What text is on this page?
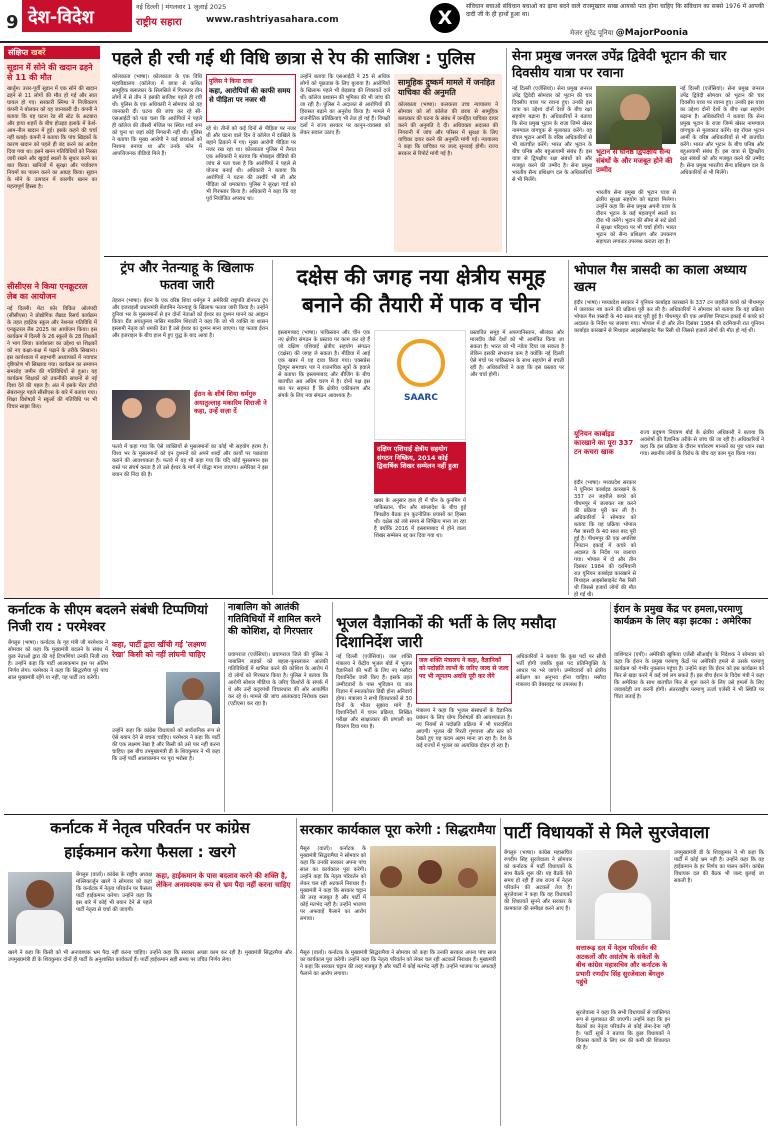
9 देश-विदेश	नई दिल्ली | मंगलवार 1 जुलाई 2025
राष्ट्रीय सहारा	www.rashtriyasahara.com	X
संविधान बचाओ संविधान बचाओ का ढ़ाना बदने वाले राजमुख्तार साख आयको पता होना चाहिए कि संविधान का सबसे 1976 में आपकी दादी जी के ही हाथों हुआ था।
मेजर सुरेंद्र पूनिया @MajorPoonia
संक्षिप्त खबरें
सूडान में सोने की खदान ढहने से 11 की मौत
खार्तूम। उत्तर-पूर्वी सूडान में एक सोने की खदान ढहने से 11 लोगों की मौत हो गई और सात घायल हो गए। सरकारी स्निग्ध ने निजीकरण कंपनी ने बोलकर को यह जानकारी दी। कंपनी ने बताया कि यह घटना रेड सी स्टेट के अटबारा और हाया शहरों के बीच होउइड इलाके में केर्श-आम-नील खदान में हुई। इसके कहने की चर्चा नहीं बताई। कंपनी ने बताया कि पांच खिड़कों के कारण खदान को पहले ही बंद करने का आदेश दिया गया था। इसने खनन गतिविधियों को निरस्त जारी रखने और खुदाई स्थलों के सुधार करने का बात किया। खनिजों में सुरक्षा और पर्यावरण नियमों का पालन करने का आग्रह किया। सूडान के मोने के उत्पादन में कारगीर खनन का महत्वपूर्ण हिस्सा है।
सीसीएस ने किया एनक्रूटरल लेब का आयोजन
नई दिल्ली। मेटा फ़ोर विकित ओलंपदी (सीसीएस) ने प्रोद्योगिक लैब्राड रिसर्च कार्यक्रम के तहत हाईटेक स्कूल और नेशनल गतिविधि में एनक्रूटरल लैब 2025 का आयोजन किया। इस कार्यक्रम में दिल्ली के 26 स्कूलों के 28 शिक्षकों ने भाग लिया। कार्यशाला का उद्देश्य था शिक्षकों को नए कक्षा-कक्ष में पढ़ाने के तरीके सिखाना। इस कार्यशाला में सहभागी अध्यापकों में नवाचार दृष्टिकोण भी सिखाया गया। कार्यक्रम का समापन समारोह जमीन की गतिविधियों से हुआ। यह कार्यक्रम शिक्षकों को तकनीकी साधनों से नई दिशा देने की पहल है। अंत में इसके मेंटर टॉयो सेबरानपुर पहले सीसीएस के बारे में बताया गया। शिक्षा विशेषज्ञों ने स्कूलों की गतिविधि पर भी विचार साझा किए।
पहले ही रची गई थी विधि छात्रा से रेप की साजिश : पुलिस
कोलकाता (भाषा)। कोलकाता के एक विधि महाविद्यालय (कॉलेज) में छात्रा से कथित सामूहिक बलात्कार के सिलसिले में गिरफ्तार तीन लोगों में से तीन ने इसकी साजिश पहले ही रची थी। पुलिस के एक अधिकारी ने सोमवार को यह जानकारी दी। घटना की जांच कर रहे सी-एसआईटी को पता चला कि आरोपियों ने पहले ही कॉलेज की तीसरी मंजिल पर स्थित गार्ड रूम को चुना था जहां कोई निगरानी नहीं थी। पुलिस ने बताया कि मुख्य आरोपी ने कई छात्राओं को निशाना बनाया था और उनके फोन में आपत्तिजनक वीडियो मिले हैं।
पुलिस ने किया दावा
कहा, आरोपियों की काफी समय से पीड़िता पर नजर थी
रहे थे। तीनों को कई दिनों से पीड़िता पर नजर थी और घटना वाले दिन वे कॉलेज में दाखिले के बहाने ठिकाने में गए। मुख्य आरोपी पीड़िता पर नजर रख रहा था। कोलकाता पुलिस में तैनात एक अधिकारी ने बताया कि मोबाइल वीडियो की जांच से पता चला है कि आरोपियों ने पहले से योजना बनाई थी। अधिकारी ने बताया कि आरोपियों ने घटना की तस्वीरें भी ली और पीड़िता को धमकाया। पुलिस ने सुरक्षा गार्ड को भी गिरफ्तार किया है। अधिकारी ने कहा कि यह पूर्व नियोजित अपराध था।
उन्होंने बताया कि एसआईटी ने 25 से अधिक लोगों को पूछताछ के लिए बुलाया है। आरोपियों के खिलाफ पहले भी छेड़छाड़ की शिकायतें दर्ज थीं। कॉलेज प्रशासन की भूमिका की भी जांच की जा रही है। पुलिस ने अदालत से आरोपियों की हिरासत बढ़ाने का अनुरोध किया है। मामले में राजनीतिक प्रतिक्रियाएं भी तेज हो गई हैं। विपक्षी दलों ने राज्य सरकार पर कानून-व्यवस्था को लेकर सवाल उठाए हैं।
सामूहिक दुष्कर्म मामले में जनहित याचिका की अनुमति
कोलकाता (भाषा)। कलकत्ता उच्च न्यायालय ने सोमवार को लॉ कॉलेज की छात्रा से सामूहिक बलात्कार की घटना के संबंध में जनहित याचिका दायर करने की अनुमति दे दी। अधिवक्ता अदालत की निगरानी में जांच और परिसर में सुरक्षा के लिए याचिका दायर करने की अनुमति मांगी गई। न्यायालय ने कहा कि याचिका पर जल्द सुनवाई होगी। राज्य सरकार से रिपोर्ट मांगी गई है।
सेना प्रमुख जनरल उपेंद्र द्विवेदी भूटान की चार दिवसीय यात्रा पर रवाना
नई दिल्ली (एजेंसियां)। सेना प्रमुख जनरल उपेंद्र द्विवेदी सोमवार को भूटान की चार दिवसीय यात्रा पर रवाना हुए। उनकी इस यात्रा का उद्देश्य दोनों देशों के बीच रक्षा सहयोग बढ़ाना है। अधिकारियों ने बताया कि सेना प्रमुख भूटान के राजा जिग्मे खेसर नामग्याल वांगचुक से मुलाकात करेंगे। वह रॉयल भूटान आर्मी के वरिष्ठ अधिकारियों से भी बातचीत करेंगे। भारत और भूटान के बीच घनिष्ठ और बहुआयामी संबंध हैं। इस यात्रा से द्विपक्षीय रक्षा संबंधों को और मजबूत करने की उम्मीद है। सेना प्रमुख भारतीय सैन्य प्रशिक्षण दल के अधिकारियों से भी मिलेंगे।
भूटान से घनिष्ठ द्विपक्षीय सैन्य संबंधों के और मजबूत होने की उम्मीद
भारतीय सेना प्रमुख की भूटान यात्रा से क्षेत्रीय सुरक्षा सहयोग को बढ़ावा मिलेगा। उन्होंने कहा कि सेना प्रमुख अपनी यात्रा के दौरान भूटान के कई महत्वपूर्ण स्थलों का दौरा भी करेंगे। भूटान की सीमा से सटे क्षेत्रों में सुरक्षा परिदृश्य पर भी चर्चा होगी। भारत भूटान को सैन्य प्रशिक्षण और उपकरण सहायता लगातार उपलब्ध कराता रहा है।
नई दिल्ली (एजेंसियां)। सेना प्रमुख जनरल उपेंद्र द्विवेदी सोमवार को भूटान की चार दिवसीय यात्रा पर रवाना हुए। उनकी इस यात्रा का उद्देश्य दोनों देशों के बीच रक्षा सहयोग बढ़ाना है। अधिकारियों ने बताया कि सेना प्रमुख भूटान के राजा जिग्मे खेसर नामग्याल वांगचुक से मुलाकात करेंगे। वह रॉयल भूटान आर्मी के वरिष्ठ अधिकारियों से भी बातचीत करेंगे। भारत और भूटान के बीच घनिष्ठ और बहुआयामी संबंध हैं। इस यात्रा से द्विपक्षीय रक्षा संबंधों को और मजबूत करने की उम्मीद है। सेना प्रमुख भारतीय सैन्य प्रशिक्षण दल के अधिकारियों से भी मिलेंगे।
ट्रंप और नेतन्याहू के खिलाफ फतवा जारी
तेहरान (भाषा)। ईरान के एक वरिष्ठ शिया धर्मगुरु ने अमेरिकी राष्ट्रपति डोनाल्ड ट्रंप और इजराइली प्रधानमंत्री बेंजामिन नेतन्याहू के खिलाफ फतवा जारी किया है। उन्होंने दुनिया भर के मुसलमानों से इन दोनों नेताओं को ईश्वर का दुश्मन मानने का आह्वान किया। ग्रैंड अयातुल्ला नासिर मकरिम शिराजी ने कहा कि जो भी व्यक्ति या शासन इस्लामी नेतृत्व को धमकी देता है उसे ईश्वर का दुश्मन माना जाएगा। यह फतवा ईरान और इजराइल के बीच हाल में हुए युद्ध के बाद आया है।
ईरान के शीर्ष शिया धर्मगुरु अयातुल्लाह मकारिम शिराजी ने कहा, उन्हें सज़ा दें
फतवे में कहा गया कि ऐसे व्यक्तियों से मुसलमानों का कोई भी सहयोग हराम है। विश्व भर के मुसलमानों को इन दुश्मनों को अपने शब्दों और कार्यों पर पछतावा कराने की आवश्यकता है। फतवे में यह भी कहा गया कि यदि कोई मुसलमान इस रास्ते पर संघर्ष करता है तो उसे ईश्वर के मार्ग में योद्धा माना जाएगा। अमेरिका ने इस बयान की निंदा की है।
दक्षेस की जगह नया क्षेत्रीय समूह
बनाने की तैयारी में पाक व चीन
इस्लामाबाद (भाषा)। पाकिस्तान और चीन एक नए क्षेत्रीय संगठन के प्रस्ताव पर काम कर रहे हैं जो दक्षिण एशियाई क्षेत्रीय सहयोग संगठन (दक्षेस) की जगह ले सकता है। मीडिया में आई एक खबर में यह दावा किया गया। एक्सप्रेस ट्रिब्यून समाचार पत्र ने राजनयिक सूत्रों के हवाले से बताया कि इस्लामाबाद और बीजिंग के बीच बातचीत अब अग्रिम चरण में है। दोनों पक्ष इस बात पर सहमत हैं कि क्षेत्रीय एकीकरण और संपर्क के लिए नया संगठन आवश्यक है।	SAARC
दक्षिण एशियाई क्षेत्रीय सहयोग संगठन निष्क्रिय, 2014 कोई द्विवार्षिक शिखर सम्मेलन नहीं हुआ
खबर के अनुसार हाल ही में चीन के कुनमिंग में पाकिस्तान, चीन और बांग्लादेश के बीच हुई त्रिपक्षीय बैठक इन कूटनीतिक प्रयासों का हिस्सा थी। दक्षेस को लंबे समय से निष्क्रिय माना जा रहा है क्योंकि 2016 में इस्लामाबाद में होने वाला शिखर सम्मेलन रद्द कर दिया गया था।
प्रस्तावित समूह में अफगानिस्तान, श्रीलंका और मालदीव जैसे देशों को भी आमंत्रित किया जा सकता है। भारत को भी न्योता दिया जा सकता है लेकिन इसकी संभावना कम है क्योंकि नई दिल्ली ऐसे मंचों पर पाकिस्तान के साथ सहयोग से बचती रही है। अधिकारियों ने कहा कि इस प्रस्ताव पर और चर्चा होगी।
भोपाल गैस त्रासदी का काला अध्याय खत्म
इंदौर (भाषा)। मध्यप्रदेश सरकार ने यूनियन कार्बाइड कारखाने के 337 टन जहरीले कचरे को पीथमपुर में जलाकर नष्ट करने की प्रक्रिया पूरी कर ली है। अधिकारियों ने सोमवार को बताया कि यह प्रक्रिया भोपाल गैस त्रासदी के 40 साल बाद पूरी हुई है। पीथमपुर की एक अपशिष्ट निपटान इकाई में कचरे को अदालत के निर्देश पर जलाया गया। भोपाल में दो और तीन दिसंबर 1984 की दरमियानी रात यूनियन कार्बाइड कारखाने से मिथाइल आइसोसाइनेट गैस रिसी थी जिससे हजारों लोगों की मौत हो गई थी।
यूनियन कार्बाइड कारखाने का पूरा 337 टन कचरा खाक
राज्य प्रदूषण नियंत्रण बोर्ड के क्षेत्रीय अधिकारी ने बताया कि अवशेषों की वैज्ञानिक तरीके से जांच की जा रही है। अधिकारियों ने कहा कि इस प्रक्रिया के दौरान पर्यावरण मानकों का पूरा ध्यान रखा गया। स्थानीय लोगों के विरोध के बीच यह काम पूरा किया गया।
इंदौर (भाषा)। मध्यप्रदेश सरकार ने यूनियन कार्बाइड कारखाने के 337 टन जहरीले कचरे को पीथमपुर में जलाकर नष्ट करने की प्रक्रिया पूरी कर ली है। अधिकारियों ने सोमवार को बताया कि यह प्रक्रिया भोपाल गैस त्रासदी के 40 साल बाद पूरी हुई है। पीथमपुर की एक अपशिष्ट निपटान इकाई में कचरे को अदालत के निर्देश पर जलाया गया। भोपाल में दो और तीन दिसंबर 1984 की दरमियानी रात यूनियन कार्बाइड कारखाने से मिथाइल आइसोसाइनेट गैस रिसी थी जिससे हजारों लोगों की मौत हो गई थी।
कर्नाटक के सीएम बदलने संबंधी टिप्पणियां निजी राय : परमेश्वर
बेंगलुरु (भाषा)। कर्नाटक के गृह मंत्री जी परमेश्वर ने सोमवार को कहा कि मुख्यमंत्री बदलने के संबंध में कुछ नेताओं द्वारा की गई टिप्पणियां उनकी निजी राय है। उन्होंने कहा कि पार्टी आलाकमान इस पर अंतिम निर्णय लेगा। परमेश्वर ने कहा कि सिद्धरमैया पूरे पांच साल मुख्यमंत्री रहेंगे या नहीं, यह पार्टी तय करेगी।
कहा, पार्टी द्वारा खींची गई 'लक्ष्मण रेखा' किसी को नहीं लांघनी चाहिए
उन्होंने कहा कि कांग्रेस विधायकों को सार्वजनिक रूप से ऐसे बयान देने से बचना चाहिए। परमेश्वर ने कहा कि पार्टी की एक लक्ष्मण रेखा है और किसी को उसे पार नहीं करना चाहिए। इस बीच उपमुख्यमंत्री डी के शिवकुमार ने भी कहा कि उन्हें पार्टी आलाकमान पर पूरा भरोसा है।
नाबालिग को आतंकी गतिविधियों में शामिल करने की कोशिश, दो गिरफ्तार
प्रयागराज (एजेंसियां)। प्रयागराज जिले की पुलिस ने नाबालिग लड़कों को बहला-फुसलाकर आतंकी गतिविधियों में शामिल करने की कोशिश के आरोप में दो लोगों को गिरफ्तार किया है। पुलिस ने बताया कि आरोपी सोशल मीडिया के जरिए किशोरों के संपर्क में थे और उन्हें कट्टरपंथी विचारधारा की ओर आकर्षित कर रहे थे। मामले की जांच आतंकवाद निरोधक दस्ता (एटीएस) कर रहा है।
भूजल वैज्ञानिकों की भर्ती के लिए मसौदा दिशानिर्देश जारी
नई दिल्ली (एजेंसियां)। जल शक्ति मंत्रालय ने केंद्रीय भूजल बोर्ड में भूजल वैज्ञानिकों की भर्ती के लिए नए मसौदा दिशानिर्देश जारी किए हैं। इसके तहत उम्मीदवारों के पास भूविज्ञान या जल विज्ञान में स्नातकोत्तर डिग्री होना अनिवार्य होगा। मंत्रालय ने सभी हितधारकों से 30 दिनों के भीतर सुझाव मांगे हैं। दिशानिर्देशों में चयन प्रक्रिया, लिखित परीक्षा और साक्षात्कार की प्रणाली का विवरण दिया गया है।
जल शक्ति मंत्रालय ने कहा, वैज्ञानिकों को पदोन्नति लाभों के जरिए जल्द से जल्द पद भी न्यूनतम अवधि पूरी कर लेंगे
मंत्रालय ने कहा कि भूजल संसाधनों के वैज्ञानिक प्रबंधन के लिए योग्य विशेषज्ञों की आवश्यकता है। नए नियमों से पदोन्नति प्रक्रिया में भी पारदर्शिता आएगी। भूजल की गिरती गुणवत्ता और स्तर को देखते हुए यह कदम अहम माना जा रहा है। देश के कई राज्यों में भूजल का अत्यधिक दोहन हो रहा है।
अधिकारियों ने बताया कि कुछ पदों पर सीधी भर्ती होगी जबकि कुछ पद प्रतिनियुक्ति के आधार पर भरे जाएंगे। उम्मीदवारों को क्षेत्रीय सर्वेक्षण का अनुभव होना चाहिए। मसौदा मंत्रालय की वेबसाइट पर उपलब्ध है।
ईरान के प्रमुख केंद्र पर हमला,परमाणु कार्यक्रम के लिए बड़ा झटका : अमेरिका
वाशिंगटन (एपी)। अमेरिकी खुफिया एजेंसी सीआईए के निदेशक ने सोमवार को कहा कि ईरान के प्रमुख परमाणु केंद्रों पर अमेरिकी हमले से उसके परमाणु कार्यक्रम को गंभीर नुकसान पहुंचा है। उन्होंने कहा कि ईरान को इस कार्यक्रम को फिर से खड़ा करने में कई वर्ष लग सकते हैं। इस बीच ईरान के विदेश मंत्री ने कहा कि अमेरिका के साथ बातचीत फिर से शुरू करने के लिए उसे हमलों के लिए जवाबदेही तय करनी होगी। अंतरराष्ट्रीय परमाणु ऊर्जा एजेंसी ने भी स्थिति पर चिंता जताई है।
कर्नाटक में नेतृत्व परिवर्तन पर कांग्रेस
हाईकमान करेगा फैसला : खरगे
बेंगलुरु (वार्ता)। कांग्रेस के राष्ट्रीय अध्यक्ष मल्लिकार्जुन खरगे ने सोमवार को कहा कि कर्नाटक में नेतृत्व परिवर्तन पर फैसला पार्टी हाईकमान करेगा। उन्होंने कहा कि इस बारे में कोई भी बयान देने से पहले पार्टी नेतृत्व से चर्चा की जाएगी।
कहा, हाईकमान के पास बदलाव करने की शक्ति है, लेकिन अनावश्यक रूप से भ्रम पैदा नहीं करना चाहिए
खरगे ने कहा कि किसी को भी अनावश्यक भ्रम पैदा नहीं करना चाहिए। उन्होंने कहा कि सरकार अच्छा काम कर रही है। मुख्यमंत्री सिद्धरमैया और उपमुख्यमंत्री डी के शिवकुमार दोनों ही पार्टी के अनुशासित कार्यकर्ता हैं। पार्टी हाईकमान सही समय पर उचित निर्णय लेगा।
सरकार कार्यकाल पूरा करेगी : सिद्धरामैया
मैसूरु (वार्ता)। कर्नाटक के मुख्यमंत्री सिद्धरामैया ने सोमवार को कहा कि उनकी सरकार अपना पांच साल का कार्यकाल पूरा करेगी। उन्होंने कहा कि नेतृत्व परिवर्तन को लेकर चल रही अटकलें निराधार हैं। मुख्यमंत्री ने कहा कि सरकार चट्टान की तरह मजबूत है और पार्टी में कोई मतभेद नहीं है। उन्होंने भाजपा पर अफवाहें फैलाने का आरोप लगाया।
मैसूरु (वार्ता)। कर्नाटक के मुख्यमंत्री सिद्धरामैया ने सोमवार को कहा कि उनकी सरकार अपना पांच साल का कार्यकाल पूरा करेगी। उन्होंने कहा कि नेतृत्व परिवर्तन को लेकर चल रही अटकलें निराधार हैं। मुख्यमंत्री ने कहा कि सरकार चट्टान की तरह मजबूत है और पार्टी में कोई मतभेद नहीं है। उन्होंने भाजपा पर अफवाहें फैलाने का आरोप लगाया।
पार्टी विधायकों से मिले सुरजेवाला
बेंगलुरु (भाषा)। कांग्रेस महासचिव रणदीप सिंह सुरजेवाला ने सोमवार को कर्नाटक में पार्टी विधायकों के साथ बैठकें शुरू कीं। यह बैठकें ऐसे समय हो रही हैं जब राज्य में नेतृत्व परिवर्तन की अटकलें तेज हैं। सुरजेवाला ने कहा कि वह विधायकों की शिकायतें सुनने और सरकार के कामकाज की समीक्षा करने आए हैं।
सत्तारूढ़ दल में नेतृत्व परिवर्तन की अटकलों और असंतोष के संकेतों के बीच कांग्रेस महासचिव और कर्नाटक के प्रभारी रणदीप सिंह सुरजेवाला बेंगलुरु पहुंचे
सुरजेवाला ने कहा कि सभी विधायकों से व्यक्तिगत रूप से मुलाकात की जाएगी। उन्होंने कहा कि इन बैठकों का नेतृत्व परिवर्तन से कोई लेना-देना नहीं है। पार्टी सूत्रों ने बताया कि कुछ विधायकों ने विकास कार्यों के लिए धन की कमी की शिकायत की है।
उपमुख्यमंत्री डी के शिवकुमार ने भी कहा कि पार्टी में कोई भ्रम नहीं है। उन्होंने कहा कि वह हाईकमान के हर निर्णय का पालन करेंगे। कांग्रेस विधायक दल की बैठक भी जल्द बुलाई जा सकती है।
